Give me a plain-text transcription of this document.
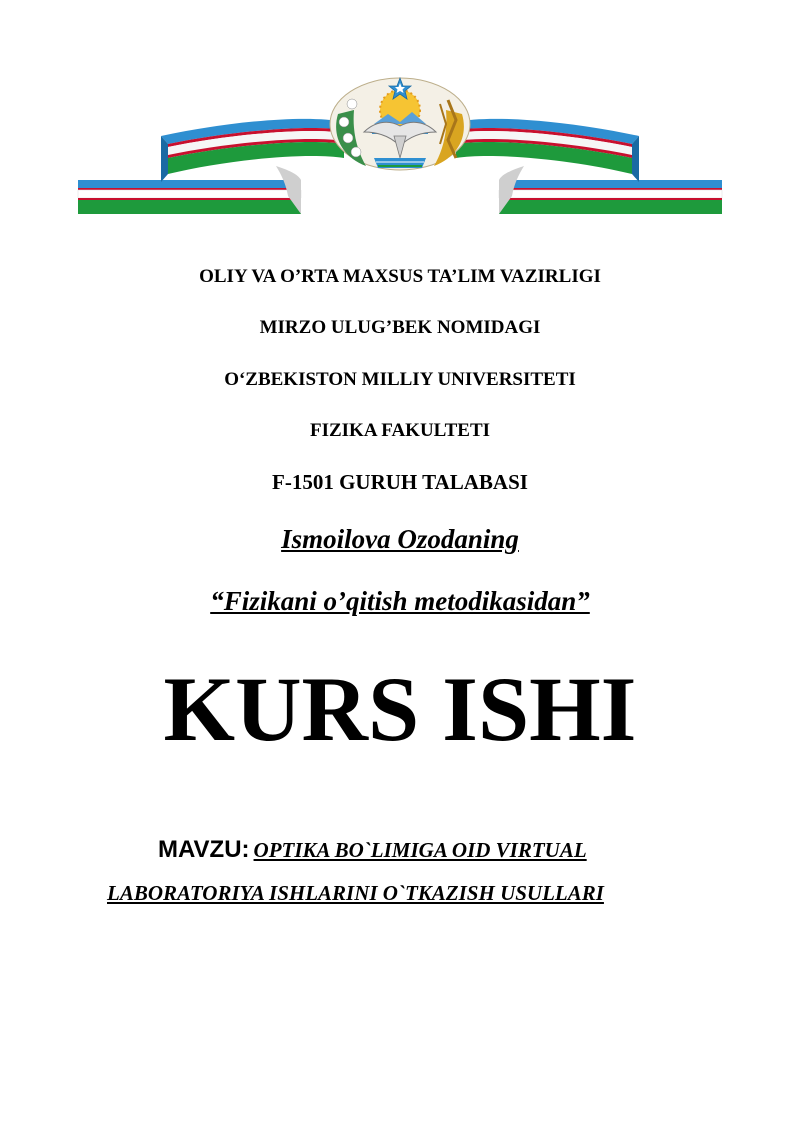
OLIY VA O’RTA MAXSUS TA’LIM VAZIRLIGI
MIRZO ULUG’BEK NOMIDAGI
O‘ZBEKISTON MILLIY UNIVERSITETI
FIZIKA FAKULTETI
F-1501 GURUH TALABASI
Ismoilova Ozodaning
“Fizikani o’qitish metodikasidan”
KURS ISHI
MAVZU: OPTIKA BO`LIMIGA OID VIRTUAL
LABORATORIYA ISHLARINI O`TKAZISH USULLARI
